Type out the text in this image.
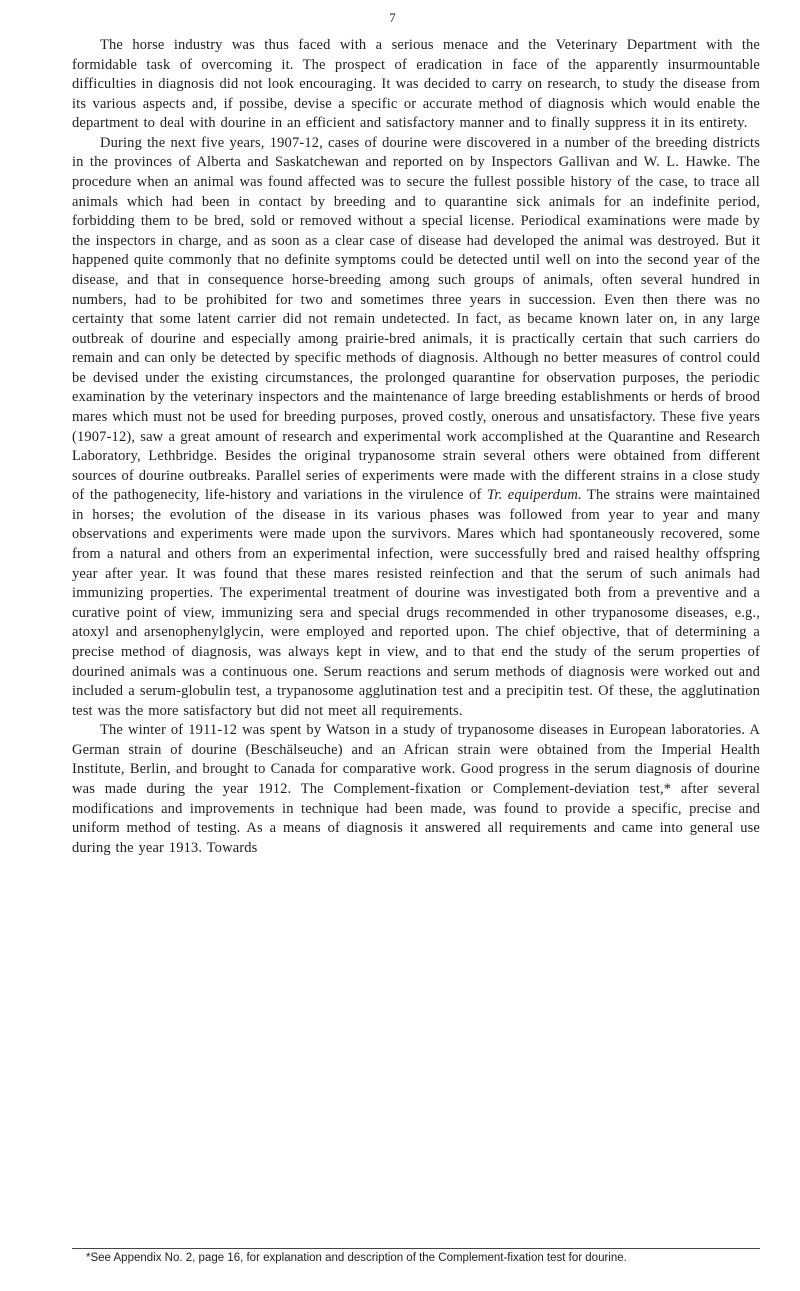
7

The horse industry was thus faced with a serious menace and the Veterinary Department with the formidable task of overcoming it. The prospect of eradication in face of the apparently insurmountable difficulties in diagnosis did not look encouraging. It was decided to carry on research, to study the disease from its various aspects and, if possibe, devise a specific or accurate method of diagnosis which would enable the department to deal with dourine in an efficient and satisfactory manner and to finally suppress it in its entirety.

During the next five years, 1907-12, cases of dourine were discovered in a number of the breeding districts in the provinces of Alberta and Saskatchewan and reported on by Inspectors Gallivan and W. L. Hawke. The procedure when an animal was found affected was to secure the fullest possible history of the case, to trace all animals which had been in contact by breeding and to quarantine sick animals for an indefinite period, forbidding them to be bred, sold or removed without a special license. Periodical examinations were made by the inspectors in charge, and as soon as a clear case of disease had developed the animal was destroyed. But it happened quite commonly that no definite symptoms could be detected until well on into the second year of the disease, and that in consequence horse-breeding among such groups of animals, often several hundred in numbers, had to be prohibited for two and sometimes three years in succession. Even then there was no certainty that some latent carrier did not remain undetected. In fact, as became known later on, in any large outbreak of dourine and especially among prairie-bred animals, it is practically certain that such carriers do remain and can only be detected by specific methods of diagnosis. Although no better measures of control could be devised under the existing circumstances, the prolonged quarantine for observation purposes, the periodic examination by the veterinary inspectors and the maintenance of large breeding establishments or herds of brood mares which must not be used for breeding purposes, proved costly, onerous and unsatisfactory. These five years (1907-12), saw a great amount of research and experimental work accomplished at the Quarantine and Research Laboratory, Lethbridge. Besides the original trypanosome strain several others were obtained from different sources of dourine outbreaks. Parallel series of experiments were made with the different strains in a close study of the pathogenecity, life-history and variations in the virulence of Tr. equiperdum. The strains were maintained in horses; the evolution of the disease in its various phases was followed from year to year and many observations and experiments were made upon the survivors. Mares which had spontaneously recovered, some from a natural and others from an experimental infection, were successfully bred and raised healthy offspring year after year. It was found that these mares resisted reinfection and that the serum of such animals had immunizing properties. The experimental treatment of dourine was investigated both from a preventive and a curative point of view, immunizing sera and special drugs recommended in other trypanosome diseases, e.g., atoxyl and arsenophenylglycin, were employed and reported upon. The chief objective, that of determining a precise method of diagnosis, was always kept in view, and to that end the study of the serum properties of dourined animals was a continuous one. Serum reactions and serum methods of diagnosis were worked out and included a serum-globulin test, a trypanosome agglutination test and a precipitin test. Of these, the agglutination test was the more satisfactory but did not meet all requirements.

The winter of 1911-12 was spent by Watson in a study of trypanosome diseases in European laboratories. A German strain of dourine (Beschälseuche) and an African strain were obtained from the Imperial Health Institute, Berlin, and brought to Canada for comparative work. Good progress in the serum diagnosis of dourine was made during the year 1912. The Complement-fixation or Complement-deviation test,* after several modifications and improvements in technique had been made, was found to provide a specific, precise and uniform method of testing. As a means of diagnosis it answered all requirements and came into general use during the year 1913. Towards

*See Appendix No. 2, page 16, for explanation and description of the Complement-fixation test for dourine.
